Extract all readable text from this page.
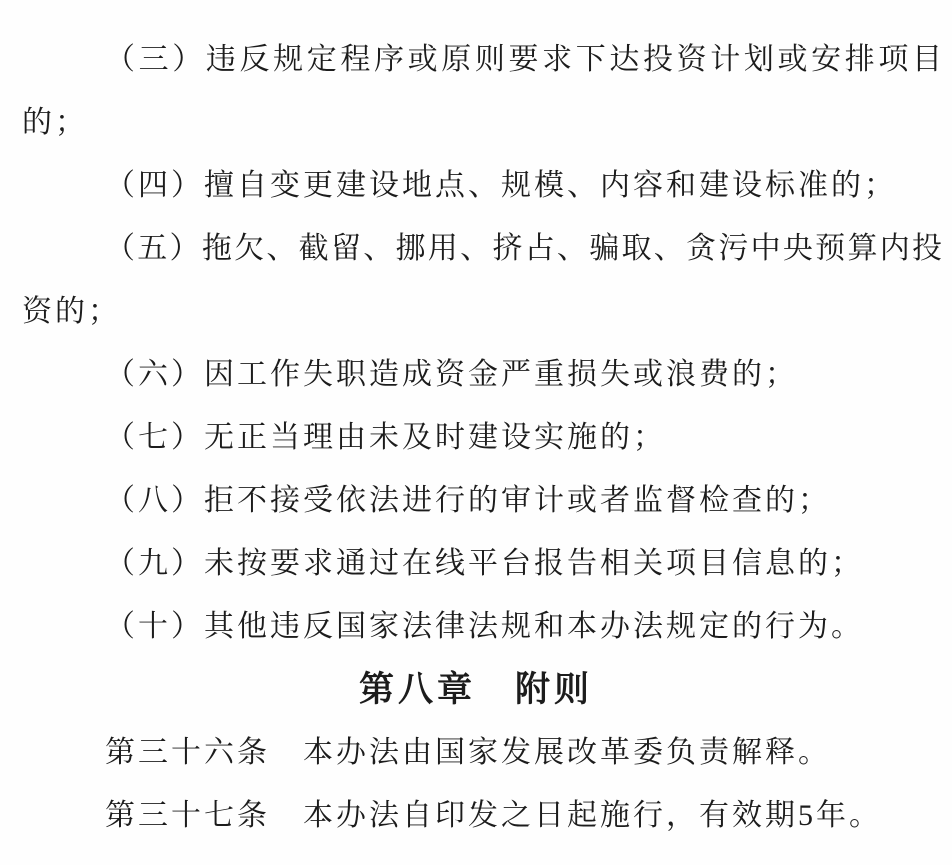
（三）违反规定程序或原则要求下达投资计划或安排项目
的；
（四）擅自变更建设地点、规模、内容和建设标准的；
（五）拖欠、截留、挪用、挤占、骗取、贪污中央预算内投
资的；
（六）因工作失职造成资金严重损失或浪费的；
（七）无正当理由未及时建设实施的；
（八）拒不接受依法进行的审计或者监督检查的；
（九）未按要求通过在线平台报告相关项目信息的；
（十）其他违反国家法律法规和本办法规定的行为。
第八章　附则
第三十六条　本办法由国家发展改革委负责解释。
第三十七条　本办法自印发之日起施行，有效期5年。
